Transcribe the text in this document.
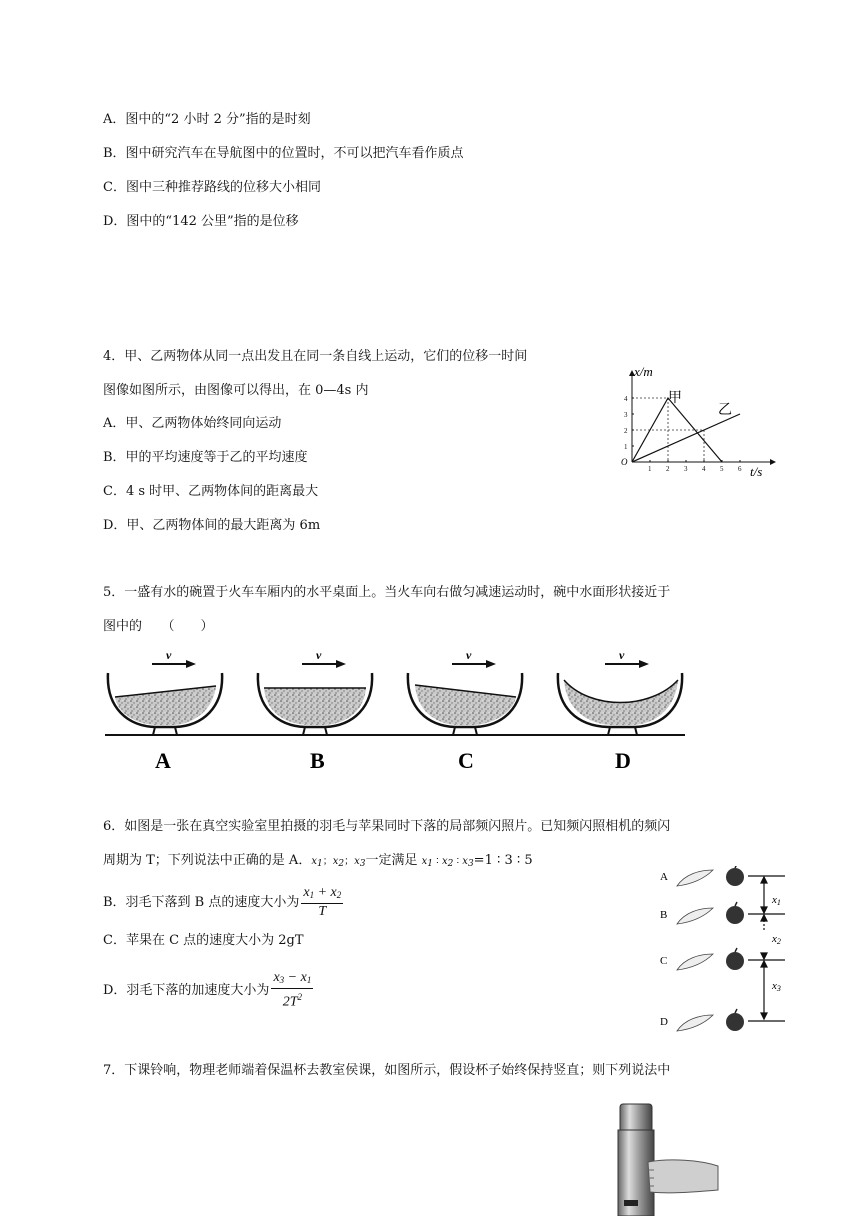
A．图中的“2 小时 2 分”指的是时刻
B．图中研究汽车在导航图中的位置时，不可以把汽车看作质点
C．图中三种推荐路线的位移大小相同
D．图中的“142 公里”指的是位移
4．甲、乙两物体从同一点出发且在同一条自线上运动，它们的位移一时间
图像如图所示，由图像可以得出，在 0—4s 内
A．甲、乙两物体始终同向运动
B．甲的平均速度等于乙的平均速度
C．4 s 时甲、乙两物体间的距离最大
D．甲、乙两物体间的最大距离为 6m
1 2 3 4 5 6
1
2
3
4
x/m
t/s
O
甲
乙
5．一盛有水的碗置于火车车厢内的水平桌面上。当火车向右做匀减速运动时，碗中水面形状接近于
图中的　　（　　）
v
A
v
B
v
C
v
D
6．如图是一张在真空实验室里拍摄的羽毛与苹果同时下落的局部频闪照片。已知频闪照相机的频闪
周期为 T；下列说法中正确的是 A．x1；x2；x3一定满足 x1 ∶ x2 ∶ x3=1 ∶ 3 ∶ 5
B．羽毛下落到 B 点的速度大小为 $\frac{x_1 + x_2}{T}$
C．苹果在 C 点的速度大小为 2gT
D．羽毛下落的加速度大小为 $\frac{x_3 - x_1}{2T^2}$
A
B
C
D
x1
x2
x3
7．下课铃响，物理老师端着保温杯去教室侯课，如图所示，假设杯子始终保持竖直；则下列说法中
